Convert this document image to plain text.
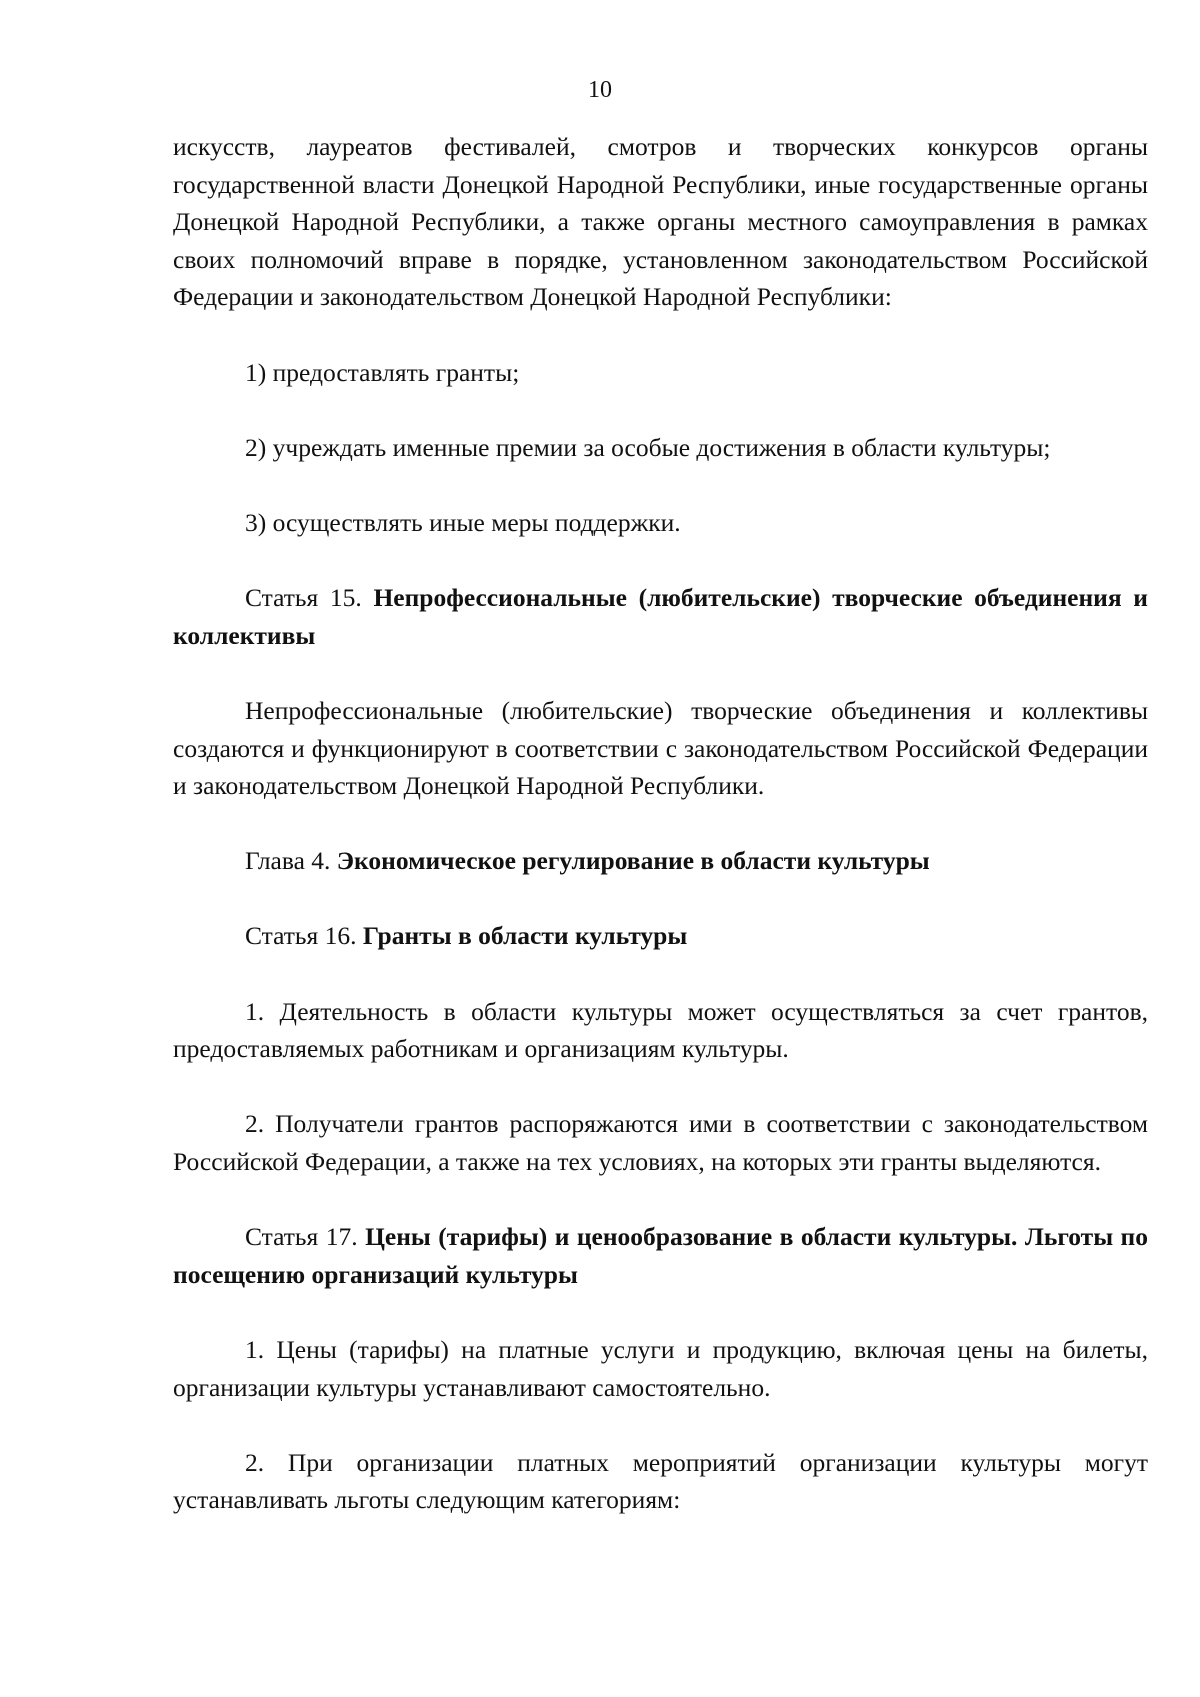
10

искусств, лауреатов фестивалей, смотров и творческих конкурсов органы государственной власти Донецкой Народной Республики, иные государственные органы Донецкой Народной Республики, а также органы местного самоуправления в рамках своих полномочий вправе в порядке, установленном законодательством Российской Федерации и законодательством Донецкой Народной Республики:

1) предоставлять гранты;

2) учреждать именные премии за особые достижения в области культуры;

3) осуществлять иные меры поддержки.

Статья 15. Непрофессиональные (любительские) творческие объединения и коллективы

Непрофессиональные (любительские) творческие объединения и коллективы создаются и функционируют в соответствии с законодательством Российской Федерации и законодательством Донецкой Народной Республики.

Глава 4. Экономическое регулирование в области культуры

Статья 16. Гранты в области культуры

1. Деятельность в области культуры может осуществляться за счет грантов, предоставляемых работникам и организациям культуры.

2. Получатели грантов распоряжаются ими в соответствии с законодательством Российской Федерации, а также на тех условиях, на которых эти гранты выделяются.

Статья 17. Цены (тарифы) и ценообразование в области культуры. Льготы по посещению организаций культуры

1. Цены (тарифы) на платные услуги и продукцию, включая цены на билеты, организации культуры устанавливают самостоятельно.

2. При организации платных мероприятий организации культуры могут устанавливать льготы следующим категориям:
